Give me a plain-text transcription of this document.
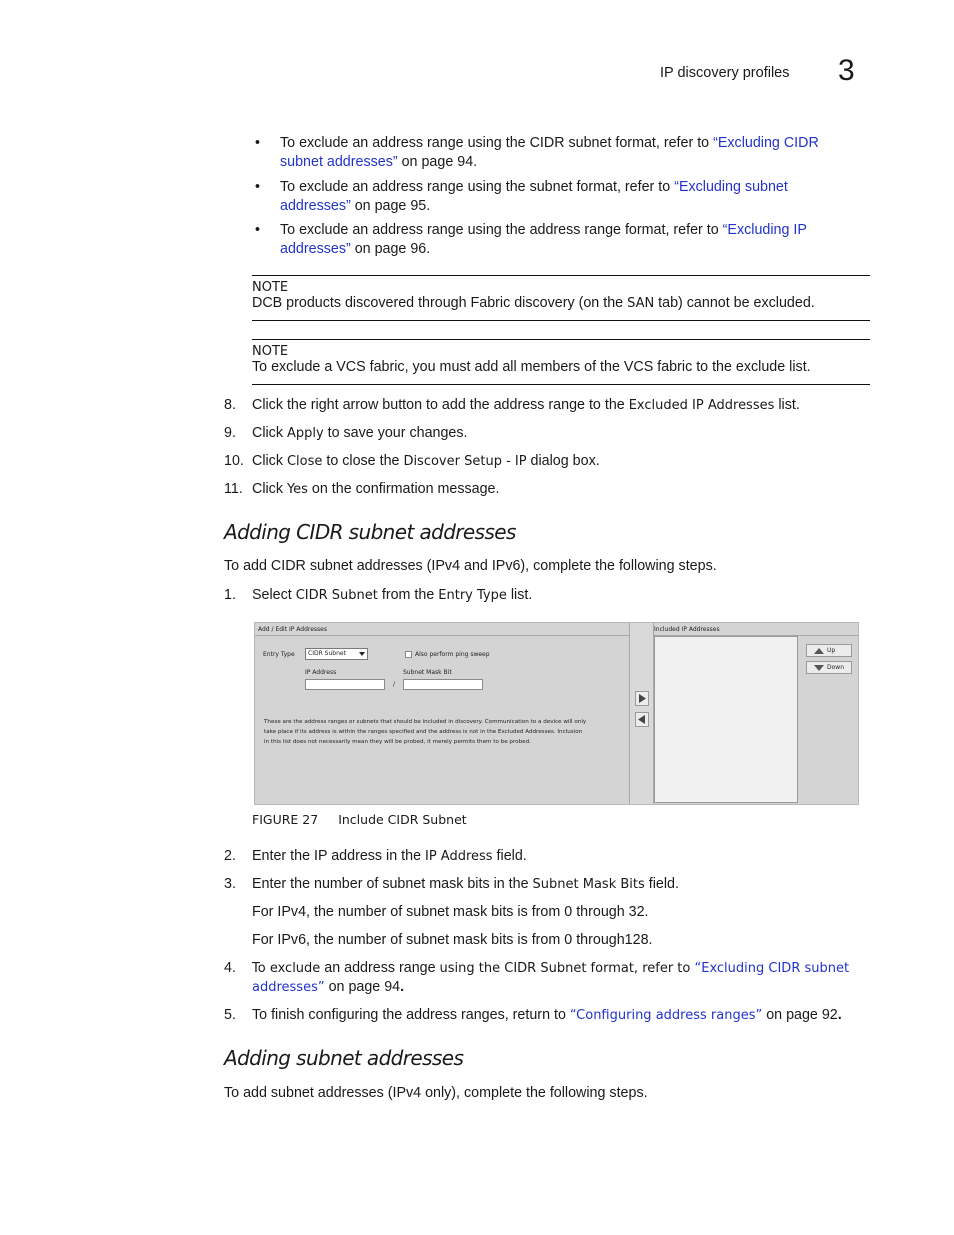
IP discovery profiles 3
• To exclude an address range using the CIDR subnet format, refer to “Excluding CIDR
subnet addresses” on page 94.
• To exclude an address range using the subnet format, refer to “Excluding subnet
addresses” on page 95.
• To exclude an address range using the address range format, refer to “Excluding IP
addresses” on page 96.
NOTE
DCB products discovered through Fabric discovery (on the SAN tab) cannot be excluded.
NOTE
To exclude a VCS fabric, you must add all members of the VCS fabric to the exclude list.
8.	Click the right arrow button to add the address range to the Excluded IP Addresses list.
9.	Click Apply to save your changes.
10. Click Close to close the Discover Setup - IP dialog box.
11. Click Yes on the confirmation message.
Adding CIDR subnet addresses
To add CIDR subnet addresses (IPv4 and IPv6), complete the following steps.
1.	Select CIDR Subnet from the Entry Type list.
Add / Edit IP Addresses
Entry Type CIDR Subnet	Also perform ping sweep
IP Address	Subnet Mask Bit
/
These are the address ranges or subnets that should be included in discovery. Communication to a device will only
take place if its address is within the ranges specified and the address is not in the Excluded Addresses. Inclusion
in this list does not necessarily mean they will be probed, it merely permits them to be probed.
Included IP Addresses
Up
Down
FIGURE 27 Include CIDR Subnet
2.	Enter the IP address in the IP Address field.
3.	Enter the number of subnet mask bits in the Subnet Mask Bits field.
For IPv4, the number of subnet mask bits is from 0 through 32.
For IPv6, the number of subnet mask bits is from 0 through128.
4.	To exclude an address range using the CIDR Subnet format, refer to “Excluding CIDR subnet
addresses” on page 94.
5.	To finish configuring the address ranges, return to “Configuring address ranges” on page 92.
Adding subnet addresses
To add subnet addresses (IPv4 only), complete the following steps.
